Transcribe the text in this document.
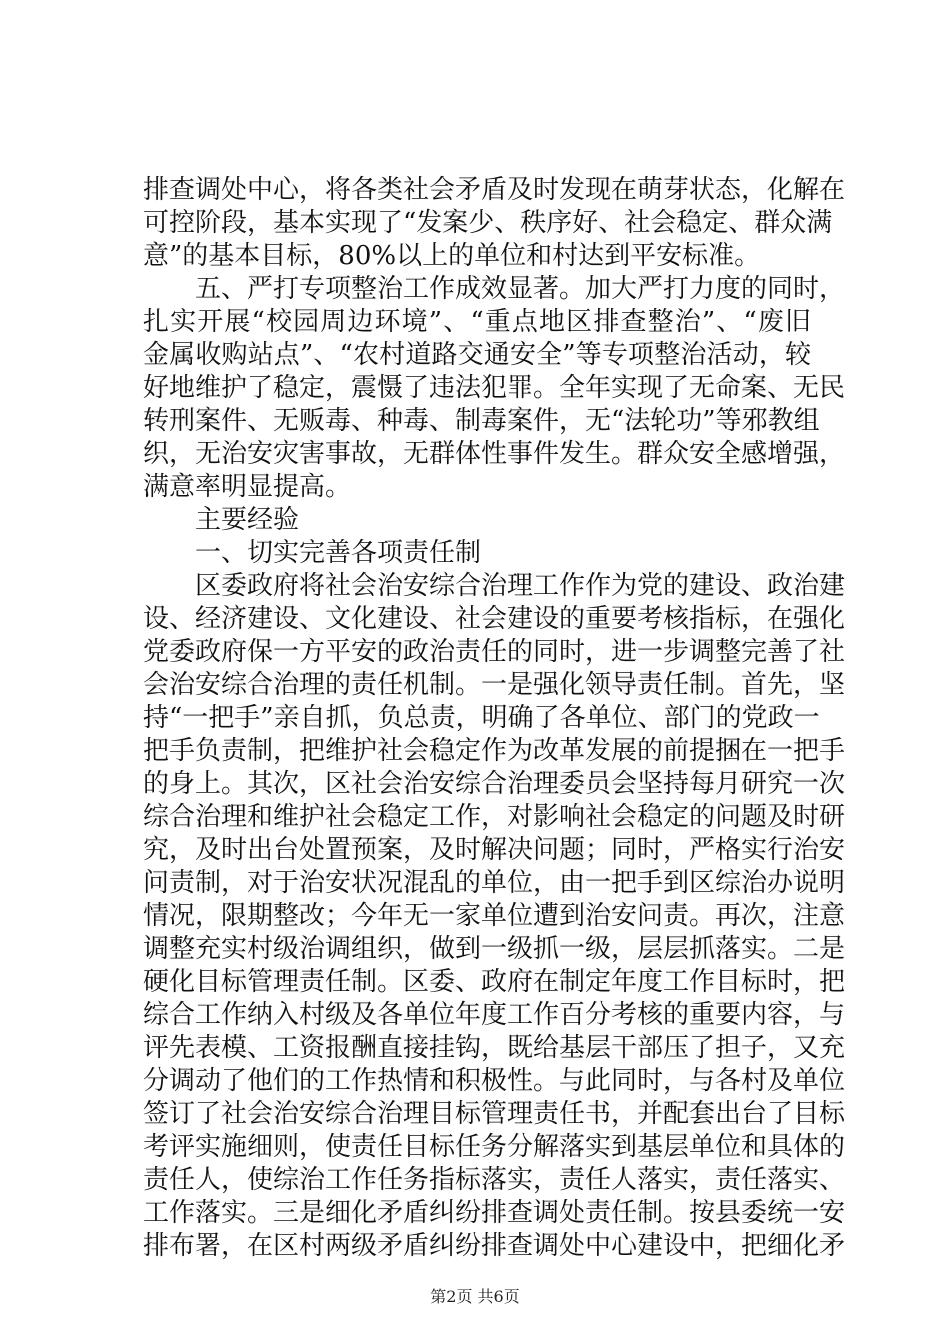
排查调处中心，将各类社会矛盾及时发现在萌芽状态，化解在
可控阶段，基本实现了“发案少、秩序好、社会稳定、群众满
意”的基本目标，80%以上的单位和村达到平安标准。
五、严打专项整治工作成效显著。加大严打力度的同时，
扎实开展“校园周边环境”、“重点地区排查整治”、“废旧
金属收购站点”、“农村道路交通安全”等专项整治活动，较
好地维护了稳定，震慑了违法犯罪。全年实现了无命案、无民
转刑案件、无贩毒、种毒、制毒案件，无“法轮功”等邪教组
织，无治安灾害事故，无群体性事件发生。群众安全感增强，
满意率明显提高。
主要经验
一、切实完善各项责任制
区委政府将社会治安综合治理工作作为党的建设、政治建
设、经济建设、文化建设、社会建设的重要考核指标，在强化
党委政府保一方平安的政治责任的同时，进一步调整完善了社
会治安综合治理的责任机制。一是强化领导责任制。首先，坚
持“一把手”亲自抓，负总责，明确了各单位、部门的党政一
把手负责制，把维护社会稳定作为改革发展的前提捆在一把手
的身上。其次，区社会治安综合治理委员会坚持每月研究一次
综合治理和维护社会稳定工作，对影响社会稳定的问题及时研
究，及时出台处置预案，及时解决问题；同时，严格实行治安
问责制，对于治安状况混乱的单位，由一把手到区综治办说明
情况，限期整改；今年无一家单位遭到治安问责。再次，注意
调整充实村级治调组织，做到一级抓一级，层层抓落实。二是
硬化目标管理责任制。区委、政府在制定年度工作目标时，把
综合工作纳入村级及各单位年度工作百分考核的重要内容，与
评先表模、工资报酬直接挂钩，既给基层干部压了担子，又充
分调动了他们的工作热情和积极性。与此同时，与各村及单位
签订了社会治安综合治理目标管理责任书，并配套出台了目标
考评实施细则，使责任目标任务分解落实到基层单位和具体的
责任人，使综治工作任务指标落实，责任人落实，责任落实、
工作落实。三是细化矛盾纠纷排查调处责任制。按县委统一安
排布署，在区村两级矛盾纠纷排查调处中心建设中，把细化矛
第2页 共6页
